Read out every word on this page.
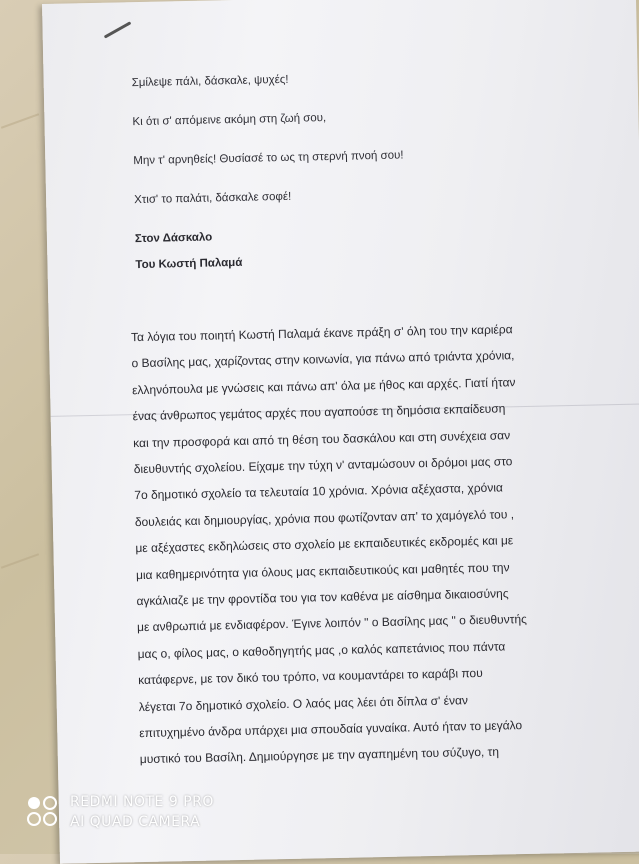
Σμίλεψε πάλι, δάσκαλε, ψυχές!
Κι ότι σ' απόμεινε ακόμη στη ζωή σου,
Μην τ' αρνηθείς! Θυσίασέ το ως τη στερνή πνοή σου!
Χτισ' το παλάτι, δάσκαλε σοφέ!
Στον Δάσκαλο
Του Κωστή Παλαμά
Τα λόγια του ποιητή Κωστή Παλαμά έκανε πράξη σ' όλη του την καριέρα
ο Βασίλης μας, χαρίζοντας στην κοινωνία, για πάνω από τριάντα χρόνια,
ελληνόπουλα με γνώσεις και πάνω απ' όλα με ήθος και αρχές. Γιατί ήταν
ένας άνθρωπος γεμάτος αρχές που αγαπούσε τη δημόσια εκπαίδευση
και την προσφορά και από τη θέση του δασκάλου και στη συνέχεια σαν
διευθυντής σχολείου. Είχαμε την τύχη ν' ανταμώσουν οι δρόμοι μας στο
7ο δημοτικό σχολείο τα τελευταία 10 χρόνια. Χρόνια αξέχαστα, χρόνια
δουλειάς και δημιουργίας, χρόνια που φωτίζονταν απ' το χαμόγελό του ,
με αξέχαστες εκδηλώσεις στο σχολείο με εκπαιδευτικές εκδρομές και με
μια καθημερινότητα για όλους μας εκπαιδευτικούς και μαθητές που την
αγκάλιαζε με την φροντίδα του για τον καθένα με αίσθημα δικαιοσύνης
με ανθρωπιά με ενδιαφέρον. Έγινε λοιπόν " ο Βασίλης μας " ο διευθυντής
μας ο, φίλος μας, ο καθοδηγητής μας ,ο καλός καπετάνιος που πάντα
κατάφερνε, με τον δικό του τρόπο, να κουμαντάρει το καράβι που
λέγεται 7ο δημοτικό σχολείο. Ο λαός μας λέει ότι δίπλα σ' έναν
επιτυχημένο άνδρα υπάρχει μια σπουδαία γυναίκα. Αυτό ήταν το μεγάλο
μυστικό του Βασίλη. Δημιούργησε με την αγαπημένη του σύζυγο, τη
REDMI NOTE 9 PRO
AI QUAD CAMERA
